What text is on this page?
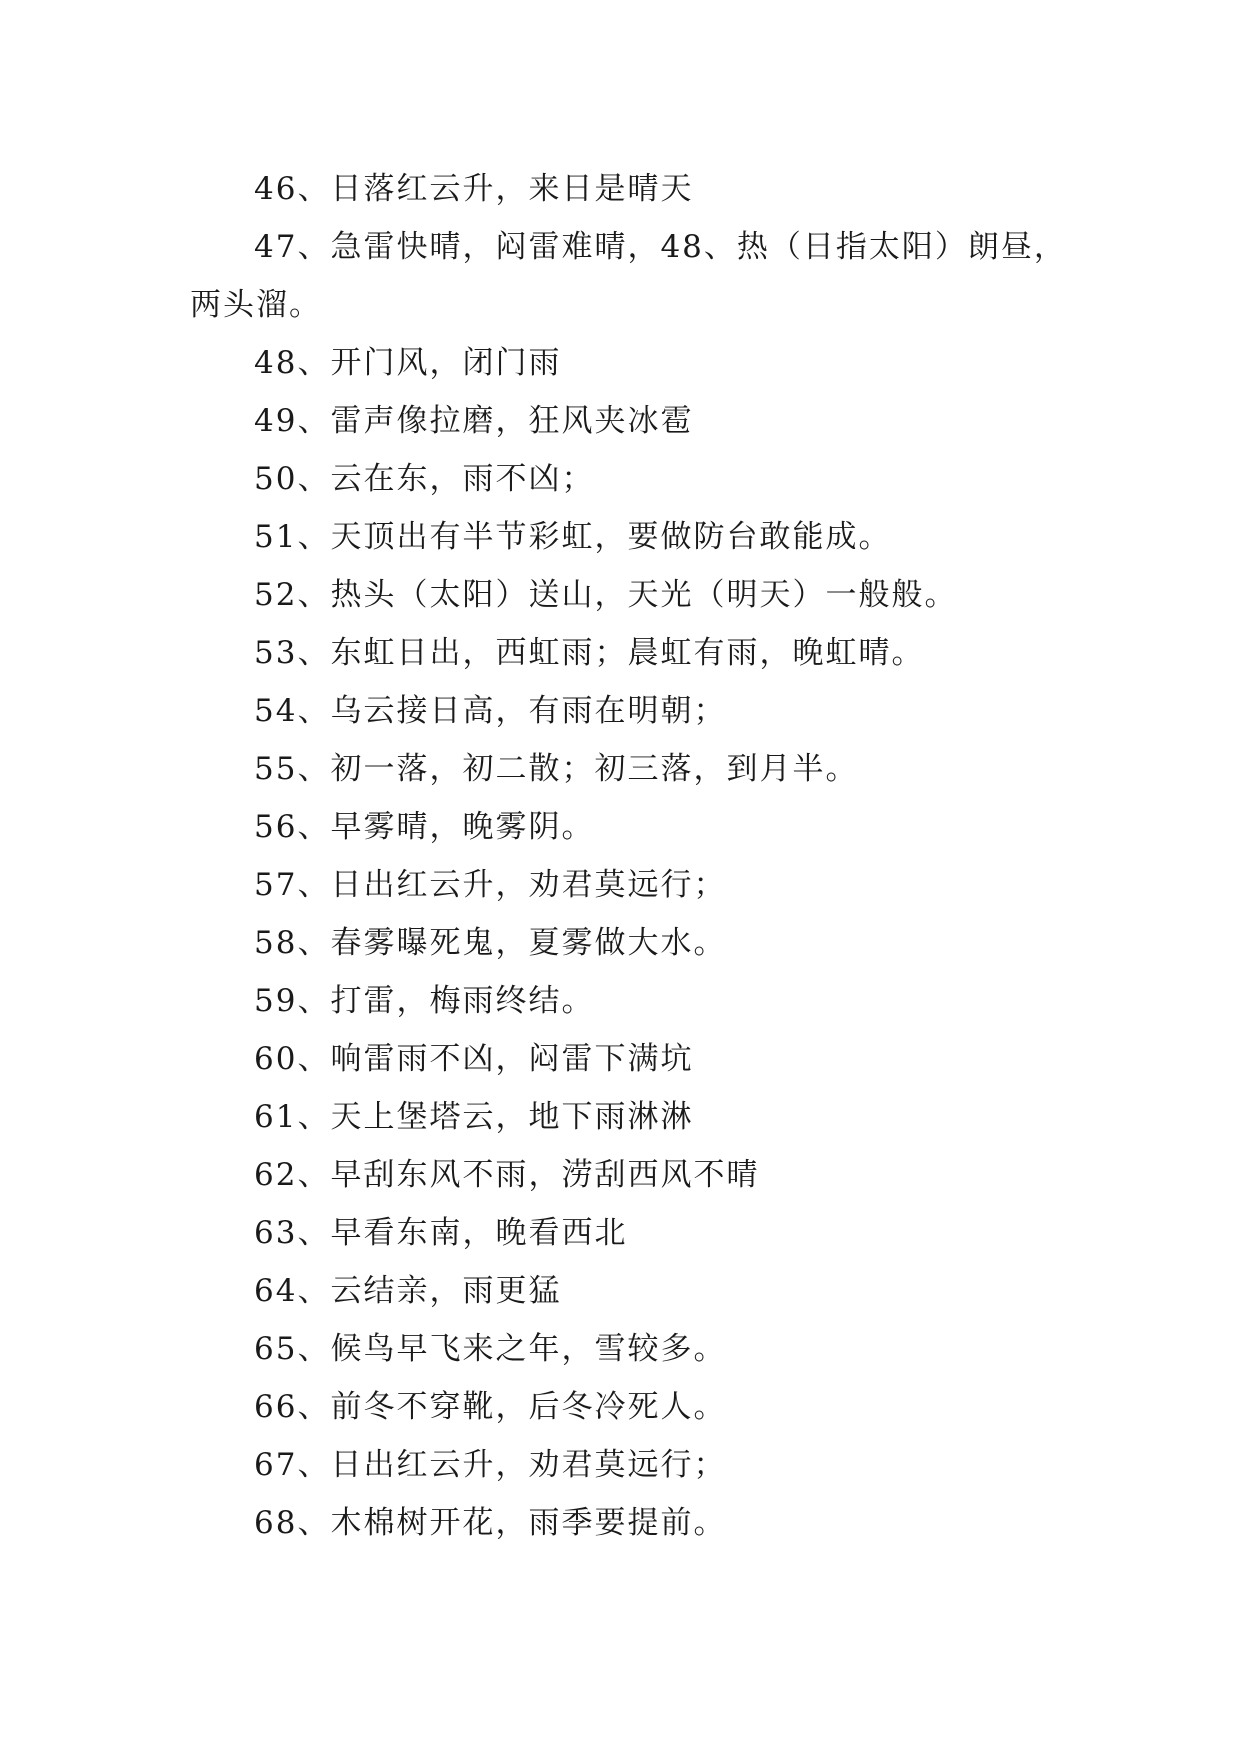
46、日落红云升，来日是晴天
47、急雷快晴，闷雷难晴，48、热（日指太阳）朗昼，
两头溜。
48、开门风，闭门雨
49、雷声像拉磨，狂风夹冰雹
50、云在东，雨不凶；
51、天顶出有半节彩虹，要做防台敢能成。
52、热头（太阳）送山，天光（明天）一般般。
53、东虹日出，西虹雨；晨虹有雨，晚虹晴。
54、乌云接日高，有雨在明朝；
55、初一落，初二散；初三落，到月半。
56、早雾晴，晚雾阴。
57、日出红云升，劝君莫远行；
58、春雾曝死鬼，夏雾做大水。
59、打雷，梅雨终结。
60、响雷雨不凶，闷雷下满坑
61、天上堡塔云，地下雨淋淋
62、早刮东风不雨，涝刮西风不晴
63、早看东南，晚看西北
64、云结亲，雨更猛
65、候鸟早飞来之年，雪较多。
66、前冬不穿靴，后冬冷死人。
67、日出红云升，劝君莫远行；
68、木棉树开花，雨季要提前。
